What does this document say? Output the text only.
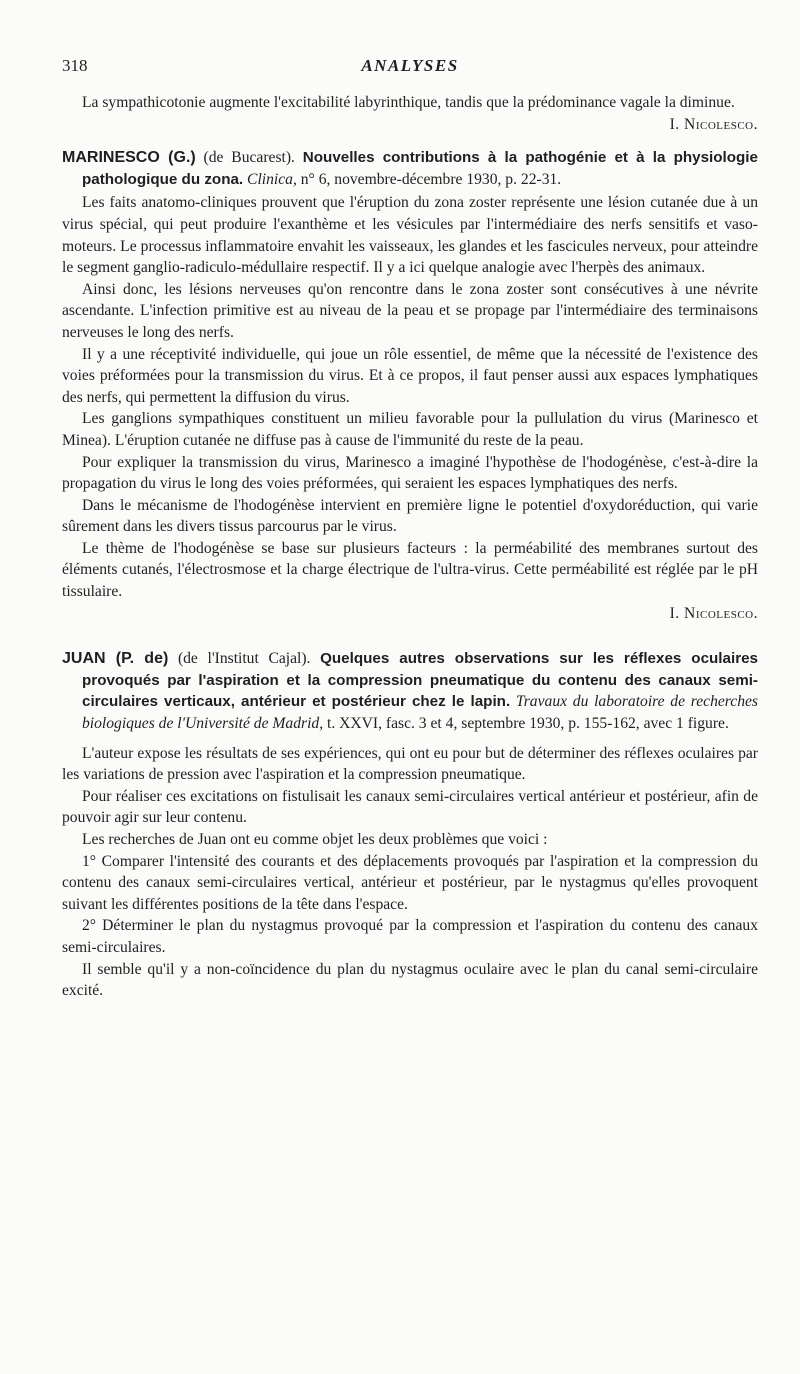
318	ANALYSES

La sympathicotonie augmente l'excitabilité labyrinthique, tandis que la prédominance vagale la diminue.
I. Nicolesco.

MARINESCO (G.) (de Bucarest). Nouvelles contributions à la pathogénie et à la physiologie pathologique du zona. Clinica, n° 6, novembre-décembre 1930, p. 22-31.

Les faits anatomo-cliniques prouvent que l'éruption du zona zoster représente une lésion cutanée due à un virus spécial, qui peut produire l'exanthème et les vésicules par l'intermédiaire des nerfs sensitifs et vaso-moteurs. Le processus inflammatoire envahit les vaisseaux, les glandes et les fascicules nerveux, pour atteindre le segment ganglio-radiculo-médullaire respectif. Il y a ici quelque analogie avec l'herpès des animaux.

Ainsi donc, les lésions nerveuses qu'on rencontre dans le zona zoster sont consécutives à une névrite ascendante. L'infection primitive est au niveau de la peau et se propage par l'intermédiaire des terminaisons nerveuses le long des nerfs.

Il y a une réceptivité individuelle, qui joue un rôle essentiel, de même que la nécessité de l'existence des voies préformées pour la transmission du virus. Et à ce propos, il faut penser aussi aux espaces lymphatiques des nerfs, qui permettent la diffusion du virus.

Les ganglions sympathiques constituent un milieu favorable pour la pullulation du virus (Marinesco et Minea). L'éruption cutanée ne diffuse pas à cause de l'immunité du reste de la peau.

Pour expliquer la transmission du virus, Marinesco a imaginé l'hypothèse de l'hodogénèse, c'est-à-dire la propagation du virus le long des voies préformées, qui seraient les espaces lymphatiques des nerfs.

Dans le mécanisme de l'hodogénèse intervient en première ligne le potentiel d'oxydoréduction, qui varie sûrement dans les divers tissus parcourus par le virus.

Le thème de l'hodogénèse se base sur plusieurs facteurs : la perméabilité des membranes surtout des éléments cutanés, l'électrosmose et la charge électrique de l'ultra-virus. Cette perméabilité est réglée par le pH tissulaire.

I. Nicolesco.

JUAN (P. de) (de l'Institut Cajal). Quelques autres observations sur les réflexes oculaires provoqués par l'aspiration et la compression pneumatique du contenu des canaux semi-circulaires verticaux, antérieur et postérieur chez le lapin. Travaux du laboratoire de recherches biologiques de l'Université de Madrid, t. XXVI, fasc. 3 et 4, septembre 1930, p. 155-162, avec 1 figure.

L'auteur expose les résultats de ses expériences, qui ont eu pour but de déterminer des réflexes oculaires par les variations de pression avec l'aspiration et la compression pneumatique.

Pour réaliser ces excitations on fistulisait les canaux semi-circulaires vertical antérieur et postérieur, afin de pouvoir agir sur leur contenu.

Les recherches de Juan ont eu comme objet les deux problèmes que voici :

1° Comparer l'intensité des courants et des déplacements provoqués par l'aspiration et la compression du contenu des canaux semi-circulaires vertical, antérieur et postérieur, par le nystagmus qu'elles provoquent suivant les différentes positions de la tête dans l'espace.

2° Déterminer le plan du nystagmus provoqué par la compression et l'aspiration du contenu des canaux semi-circulaires.

Il semble qu'il y a non-coïncidence du plan du nystagmus oculaire avec le plan du canal semi-circulaire excité.
